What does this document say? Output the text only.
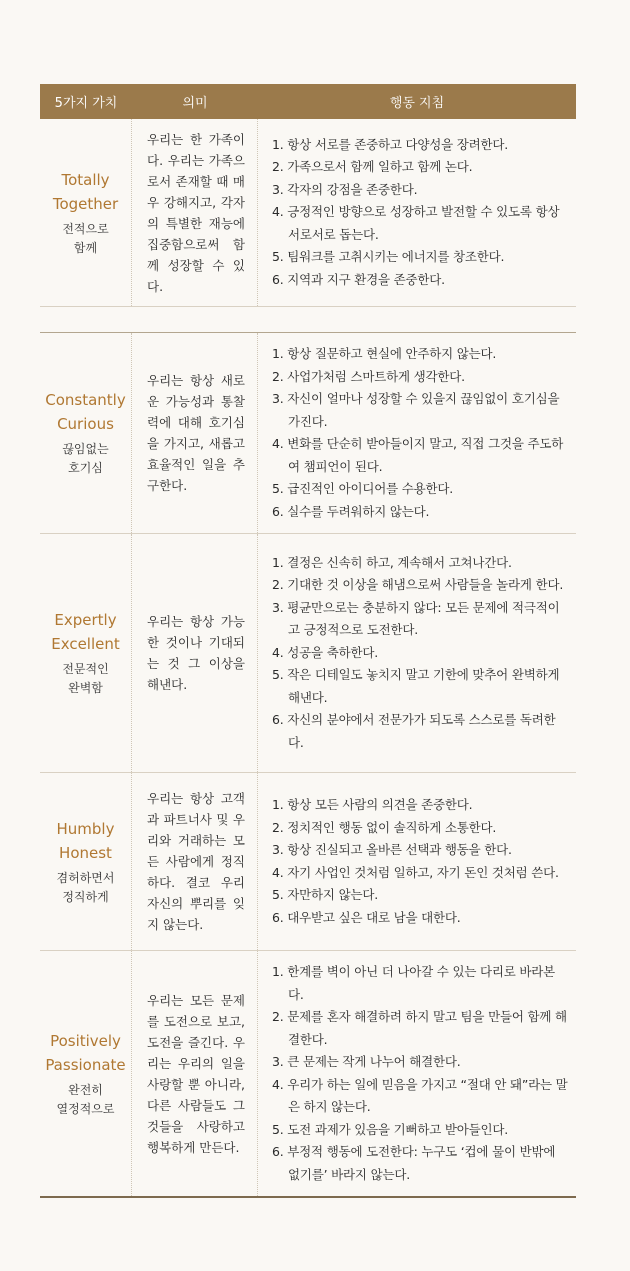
5가지 가치	의미	행동 지침
Totally
Together
전적으로
함께
우리는 한 가족이다. 우리는 가족으로서 존재할 때 매우 강해지고, 각자의 특별한 재능에 집중함으로써 함께 성장할 수 있다.
1. 항상 서로를 존중하고 다양성을 장려한다.
2. 가족으로서 함께 일하고 함께 논다.
3. 각자의 강점을 존중한다.
4. 긍정적인 방향으로 성장하고 발전할 수 있도록 항상 서로서로 돕는다.
5. 팀워크를 고취시키는 에너지를 창조한다.
6. 지역과 지구 환경을 존중한다.
Constantly
Curious
끊임없는
호기심
우리는 항상 새로운 가능성과 통찰력에 대해 호기심을 가지고, 새롭고 효율적인 일을 추구한다.
1. 항상 질문하고 현실에 안주하지 않는다.
2. 사업가처럼 스마트하게 생각한다.
3. 자신이 얼마나 성장할 수 있을지 끊임없이 호기심을 가진다.
4. 변화를 단순히 받아들이지 말고, 직접 그것을 주도하여 챔피언이 된다.
5. 급진적인 아이디어를 수용한다.
6. 실수를 두려워하지 않는다.
Expertly
Excellent
전문적인
완벽함
우리는 항상 가능한 것이나 기대되는 것 그 이상을 해낸다.
1. 결정은 신속히 하고, 계속해서 고쳐나간다.
2. 기대한 것 이상을 해냄으로써 사람들을 놀라게 한다.
3. 평균만으로는 충분하지 않다: 모든 문제에 적극적이고 긍정적으로 도전한다.
4. 성공을 축하한다.
5. 작은 디테일도 놓치지 말고 기한에 맞추어 완벽하게 해낸다.
6. 자신의 분야에서 전문가가 되도록 스스로를 독려한다.
Humbly
Honest
겸허하면서
정직하게
우리는 항상 고객과 파트너사 및 우리와 거래하는 모든 사람에게 정직하다. 결코 우리 자신의 뿌리를 잊지 않는다.
1. 항상 모든 사람의 의견을 존중한다.
2. 정치적인 행동 없이 솔직하게 소통한다.
3. 항상 진실되고 올바른 선택과 행동을 한다.
4. 자기 사업인 것처럼 일하고, 자기 돈인 것처럼 쓴다.
5. 자만하지 않는다.
6. 대우받고 싶은 대로 남을 대한다.
Positively
Passionate
완전히
열정적으로
우리는 모든 문제를 도전으로 보고, 도전을 즐긴다. 우리는 우리의 일을 사랑할 뿐 아니라, 다른 사람들도 그것들을 사랑하고 행복하게 만든다.
1. 한계를 벽이 아닌 더 나아갈 수 있는 다리로 바라본다.
2. 문제를 혼자 해결하려 하지 말고 팀을 만들어 함께 해결한다.
3. 큰 문제는 작게 나누어 해결한다.
4. 우리가 하는 일에 믿음을 가지고 “절대 안 돼”라는 말은 하지 않는다.
5. 도전 과제가 있음을 기뻐하고 받아들인다.
6. 부정적 행동에 도전한다: 누구도 ‘컵에 물이 반밖에 없기를’ 바라지 않는다.
